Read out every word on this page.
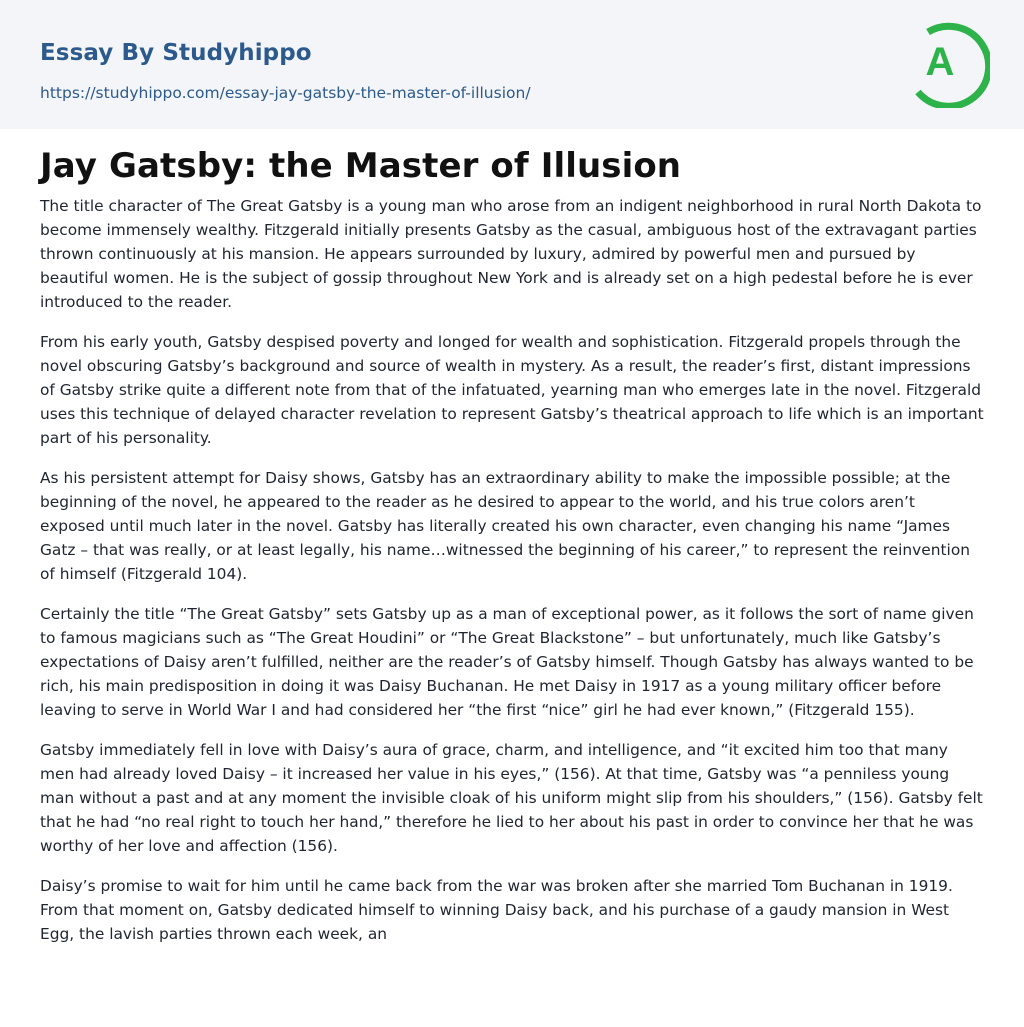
Essay By Studyhippo
https://studyhippo.com/essay-jay-gatsby-the-master-of-illusion/
A
Jay Gatsby: the Master of Illusion

The title character of The Great Gatsby is a young man who arose from an indigent neighborhood in rural North Dakota to become immensely wealthy. Fitzgerald initially presents Gatsby as the casual, ambiguous host of the extravagant parties thrown continuously at his mansion. He appears surrounded by luxury, admired by powerful men and pursued by beautiful women. He is the subject of gossip throughout New York and is already set on a high pedestal before he is ever introduced to the reader.

From his early youth, Gatsby despised poverty and longed for wealth and sophistication. Fitzgerald propels through the novel obscuring Gatsby’s background and source of wealth in mystery. As a result, the reader’s first, distant impressions of Gatsby strike quite a different note from that of the infatuated, yearning man who emerges late in the novel. Fitzgerald uses this technique of delayed character revelation to represent Gatsby’s theatrical approach to life which is an important part of his personality.

As his persistent attempt for Daisy shows, Gatsby has an extraordinary ability to make the impossible possible; at the beginning of the novel, he appeared to the reader as he desired to appear to the world, and his true colors aren’t exposed until much later in the novel. Gatsby has literally created his own character, even changing his name “James Gatz – that was really, or at least legally, his name…witnessed the beginning of his career,” to represent the reinvention of himself (Fitzgerald 104).

Certainly the title “The Great Gatsby” sets Gatsby up as a man of exceptional power, as it follows the sort of name given to famous magicians such as “The Great Houdini” or “The Great Blackstone” – but unfortunately, much like Gatsby’s expectations of Daisy aren’t fulfilled, neither are the reader’s of Gatsby himself. Though Gatsby has always wanted to be rich, his main predisposition in doing it was Daisy Buchanan. He met Daisy in 1917 as a young military officer before leaving to serve in World War I and had considered her “the first “nice” girl he had ever known,” (Fitzgerald 155).

Gatsby immediately fell in love with Daisy’s aura of grace, charm, and intelligence, and “it excited him too that many men had already loved Daisy – it increased her value in his eyes,” (156). At that time, Gatsby was “a penniless young man without a past and at any moment the invisible cloak of his uniform might slip from his shoulders,” (156). Gatsby felt that he had “no real right to touch her hand,” therefore he lied to her about his past in order to convince her that he was worthy of her love and affection (156).

Daisy’s promise to wait for him until he came back from the war was broken after she married Tom Buchanan in 1919. From that moment on, Gatsby dedicated himself to winning Daisy back, and his purchase of a gaudy mansion in West Egg, the lavish parties thrown each week, an
